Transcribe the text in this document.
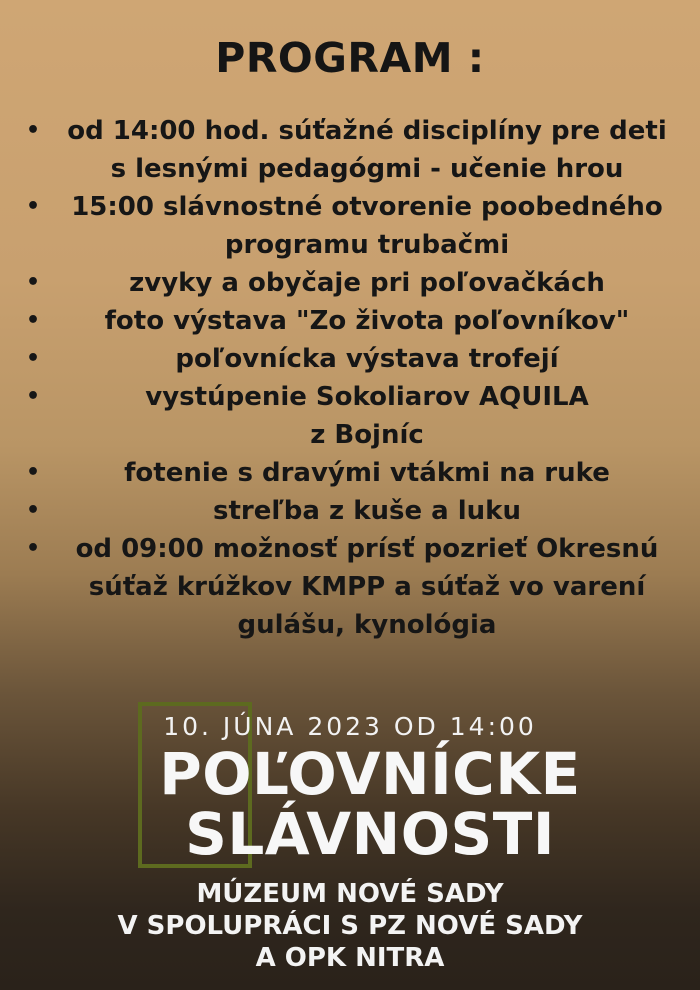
PROGRAM :
•	od 14:00 hod. súťažné disciplíny pre deti
s lesnými pedagógmi - učenie hrou
•	15:00 slávnostné otvorenie poobedného
programu trubačmi
•	zvyky a obyčaje pri poľovačkách
•	foto výstava "Zo života poľovníkov"
•	poľovnícka výstava trofejí
•	vystúpenie Sokoliarov AQUILA
z Bojníc
•	fotenie s dravými vtákmi na ruke
•	streľba z kuše a luku
•	od 09:00 možnosť prísť pozrieť Okresnú
súťaž krúžkov KMPP a súťaž vo varení
gulášu, kynológia
10. JÚNA 2023 OD 14:00
POĽOVNÍCKE
SLÁVNOSTI
MÚZEUM NOVÉ SADY
V SPOLUPRÁCI S PZ NOVÉ SADY
A OPK NITRA
